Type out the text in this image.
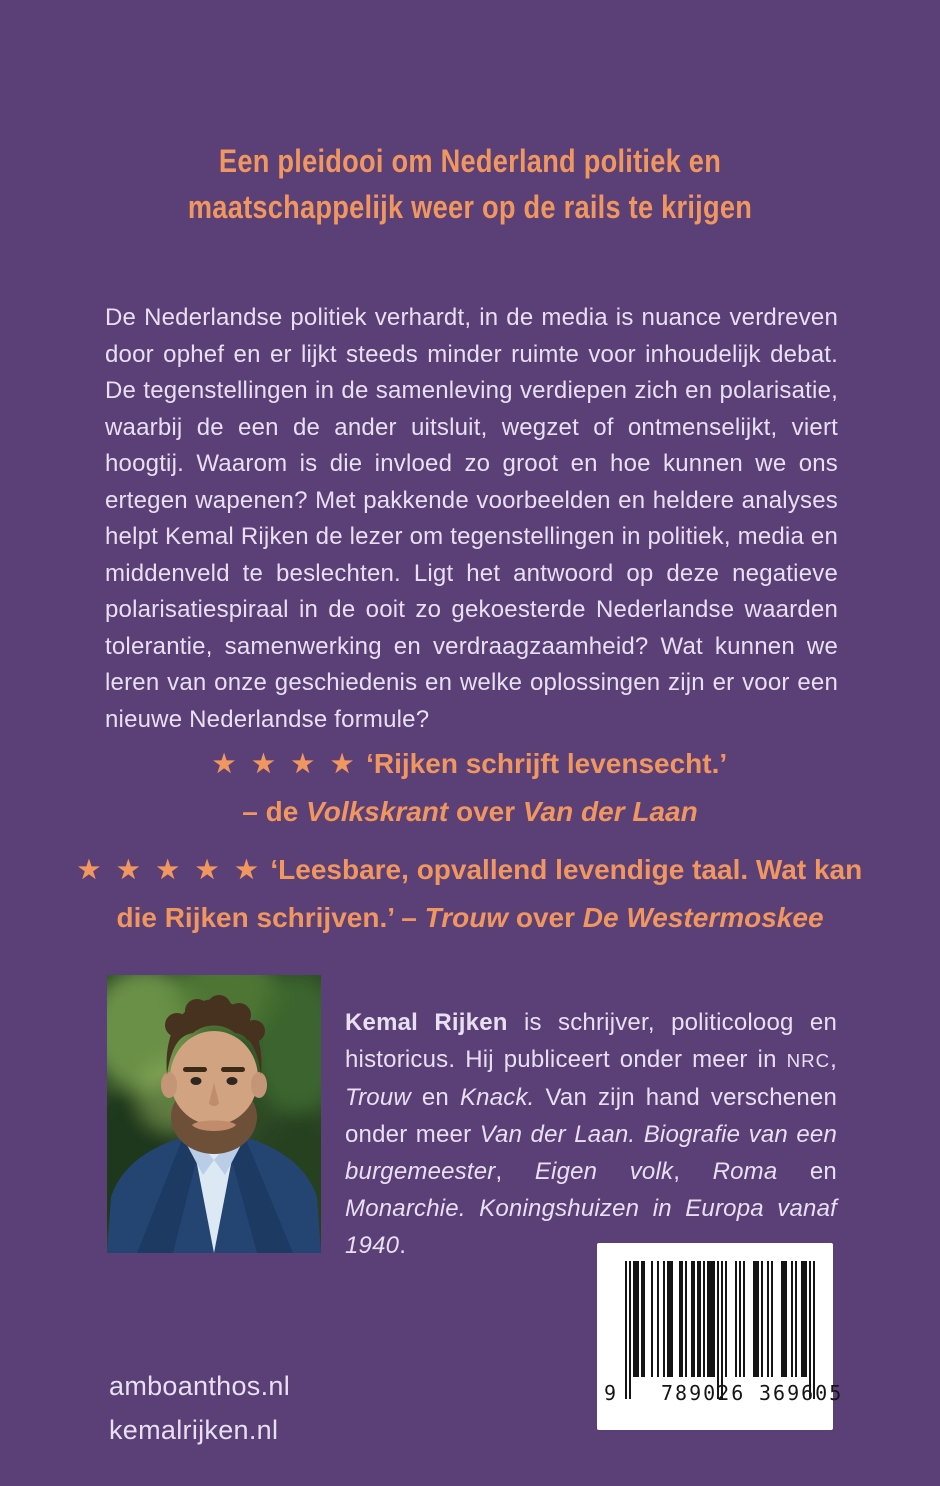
Een pleidooi om Nederland politiek en
maatschappelijk weer op de rails te krijgen

De Nederlandse politiek verhardt, in de media is nuance verdreven door ophef en er lijkt steeds minder ruimte voor inhoudelijk debat. De tegenstellingen in de samenleving verdiepen zich en polarisatie, waarbij de een de ander uitsluit, wegzet of ontmenselijkt, viert hoogtij. Waarom is die invloed zo groot en hoe kunnen we ons ertegen wapenen? Met pakkende voorbeelden en heldere analyses helpt Kemal Rijken de lezer om tegenstellingen in politiek, media en middenveld te beslechten. Ligt het antwoord op deze negatieve polarisatiespiraal in de ooit zo gekoesterde Nederlandse waarden tolerantie, samenwerking en verdraagzaamheid? Wat kunnen we leren van onze geschiedenis en welke oplossingen zijn er voor een nieuwe Nederlandse formule?

★ ★ ★ ★ ‘Rijken schrijft levensecht.’
– de Volkskrant over Van der Laan
★ ★ ★ ★ ★ ‘Leesbare, opvallend levendige taal. Wat kan
die Rijken schrijven.’ – Trouw over De Westermoskee

Kemal Rijken is schrijver, politicoloog en historicus. Hij publiceert onder meer in NRC, Trouw en Knack. Van zijn hand verschenen onder meer Van der Laan. Biografie van een burgemeester, Eigen volk, Roma en Monarchie. Koningshuizen in Europa vanaf 1940.

amboanthos.nl
kemalrijken.nl
9 789026 369605
